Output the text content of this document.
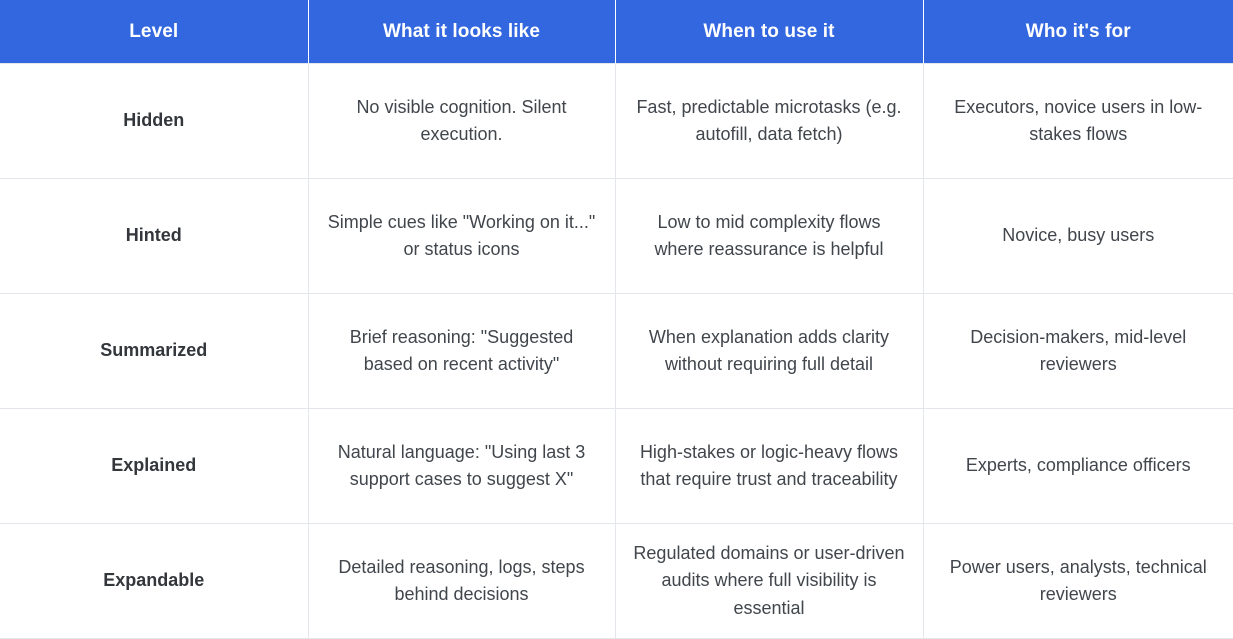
Level	What it looks like	When to use it	Who it's for
Hidden	No visible cognition. Silent execution.	Fast, predictable microtasks (e.g. autofill, data fetch)	Executors, novice users in low-stakes flows
Hinted	Simple cues like "Working on it..." or status icons	Low to mid complexity flows where reassurance is helpful	Novice, busy users
Summarized	Brief reasoning: "Suggested based on recent activity"	When explanation adds clarity without requiring full detail	Decision-makers, mid-level reviewers
Explained	Natural language: "Using last 3 support cases to suggest X"	High-stakes or logic-heavy flows that require trust and traceability	Experts, compliance officers
Expandable	Detailed reasoning, logs, steps behind decisions	Regulated domains or user-driven audits where full visibility is essential	Power users, analysts, technical reviewers
